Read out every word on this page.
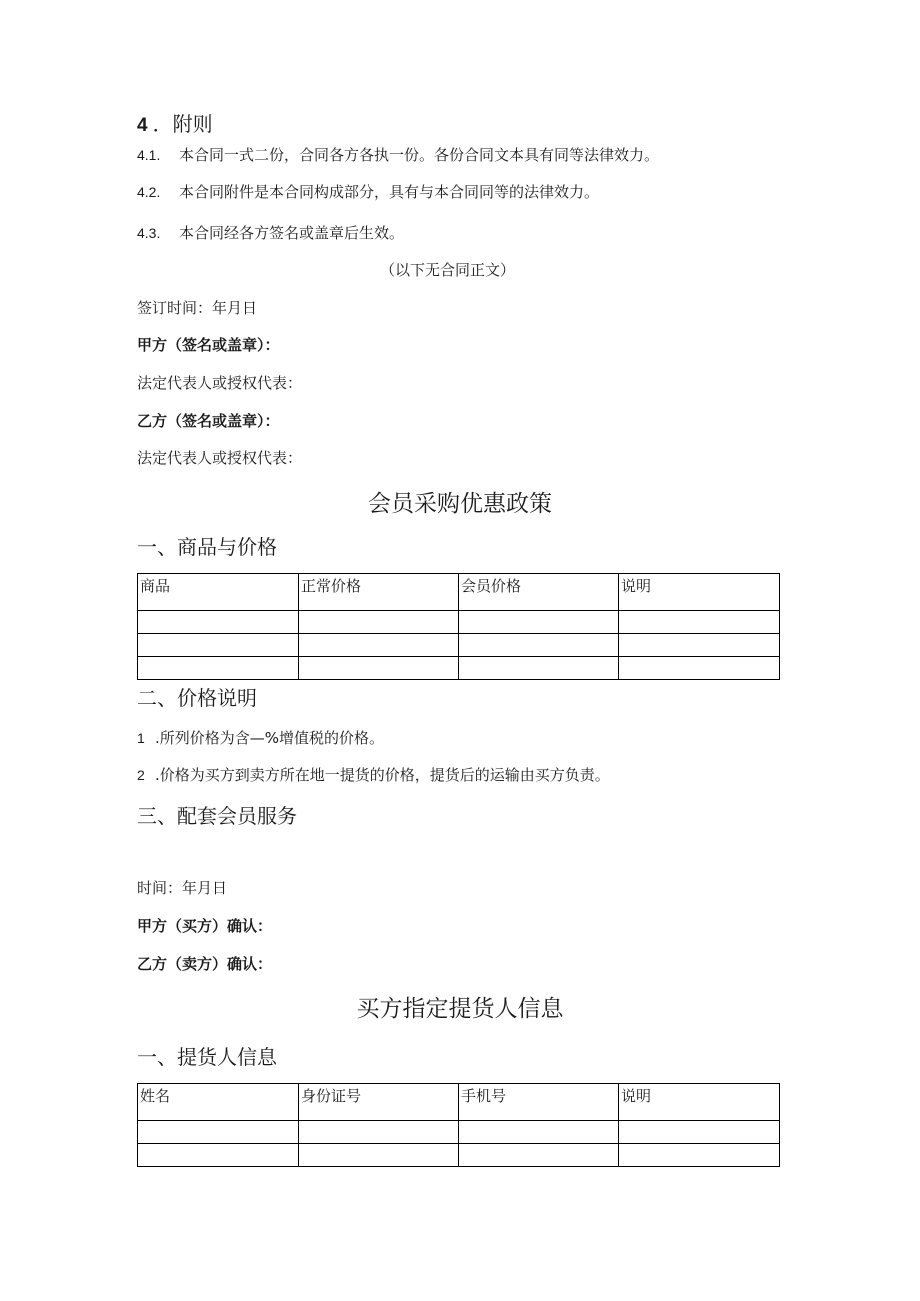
4 ．附则
4.1. 本合同一式二份，合同各方各执一份。各份合同文本具有同等法律效力。
4.2. 本合同附件是本合同构成部分，具有与本合同同等的法律效力。
4.3. 本合同经各方签名或盖章后生效。
（以下无合同正文）
签订时间：年月日
甲方（签名或盖章）：
法定代表人或授权代表：
乙方（签名或盖章）：
法定代表人或授权代表：
会员采购优惠政策
一、商品与价格
商品	正常价格	会员价格	说明

二、价格说明
1 .所列价格为含—%增值税的价格。
2 .价格为买方到卖方所在地一提货的价格，提货后的运输由买方负责。
三、配套会员服务
时间：年月日
甲方（买方）确认：
乙方（卖方）确认：
买方指定提货人信息
一、提货人信息
姓名	身份证号	手机号	说明
